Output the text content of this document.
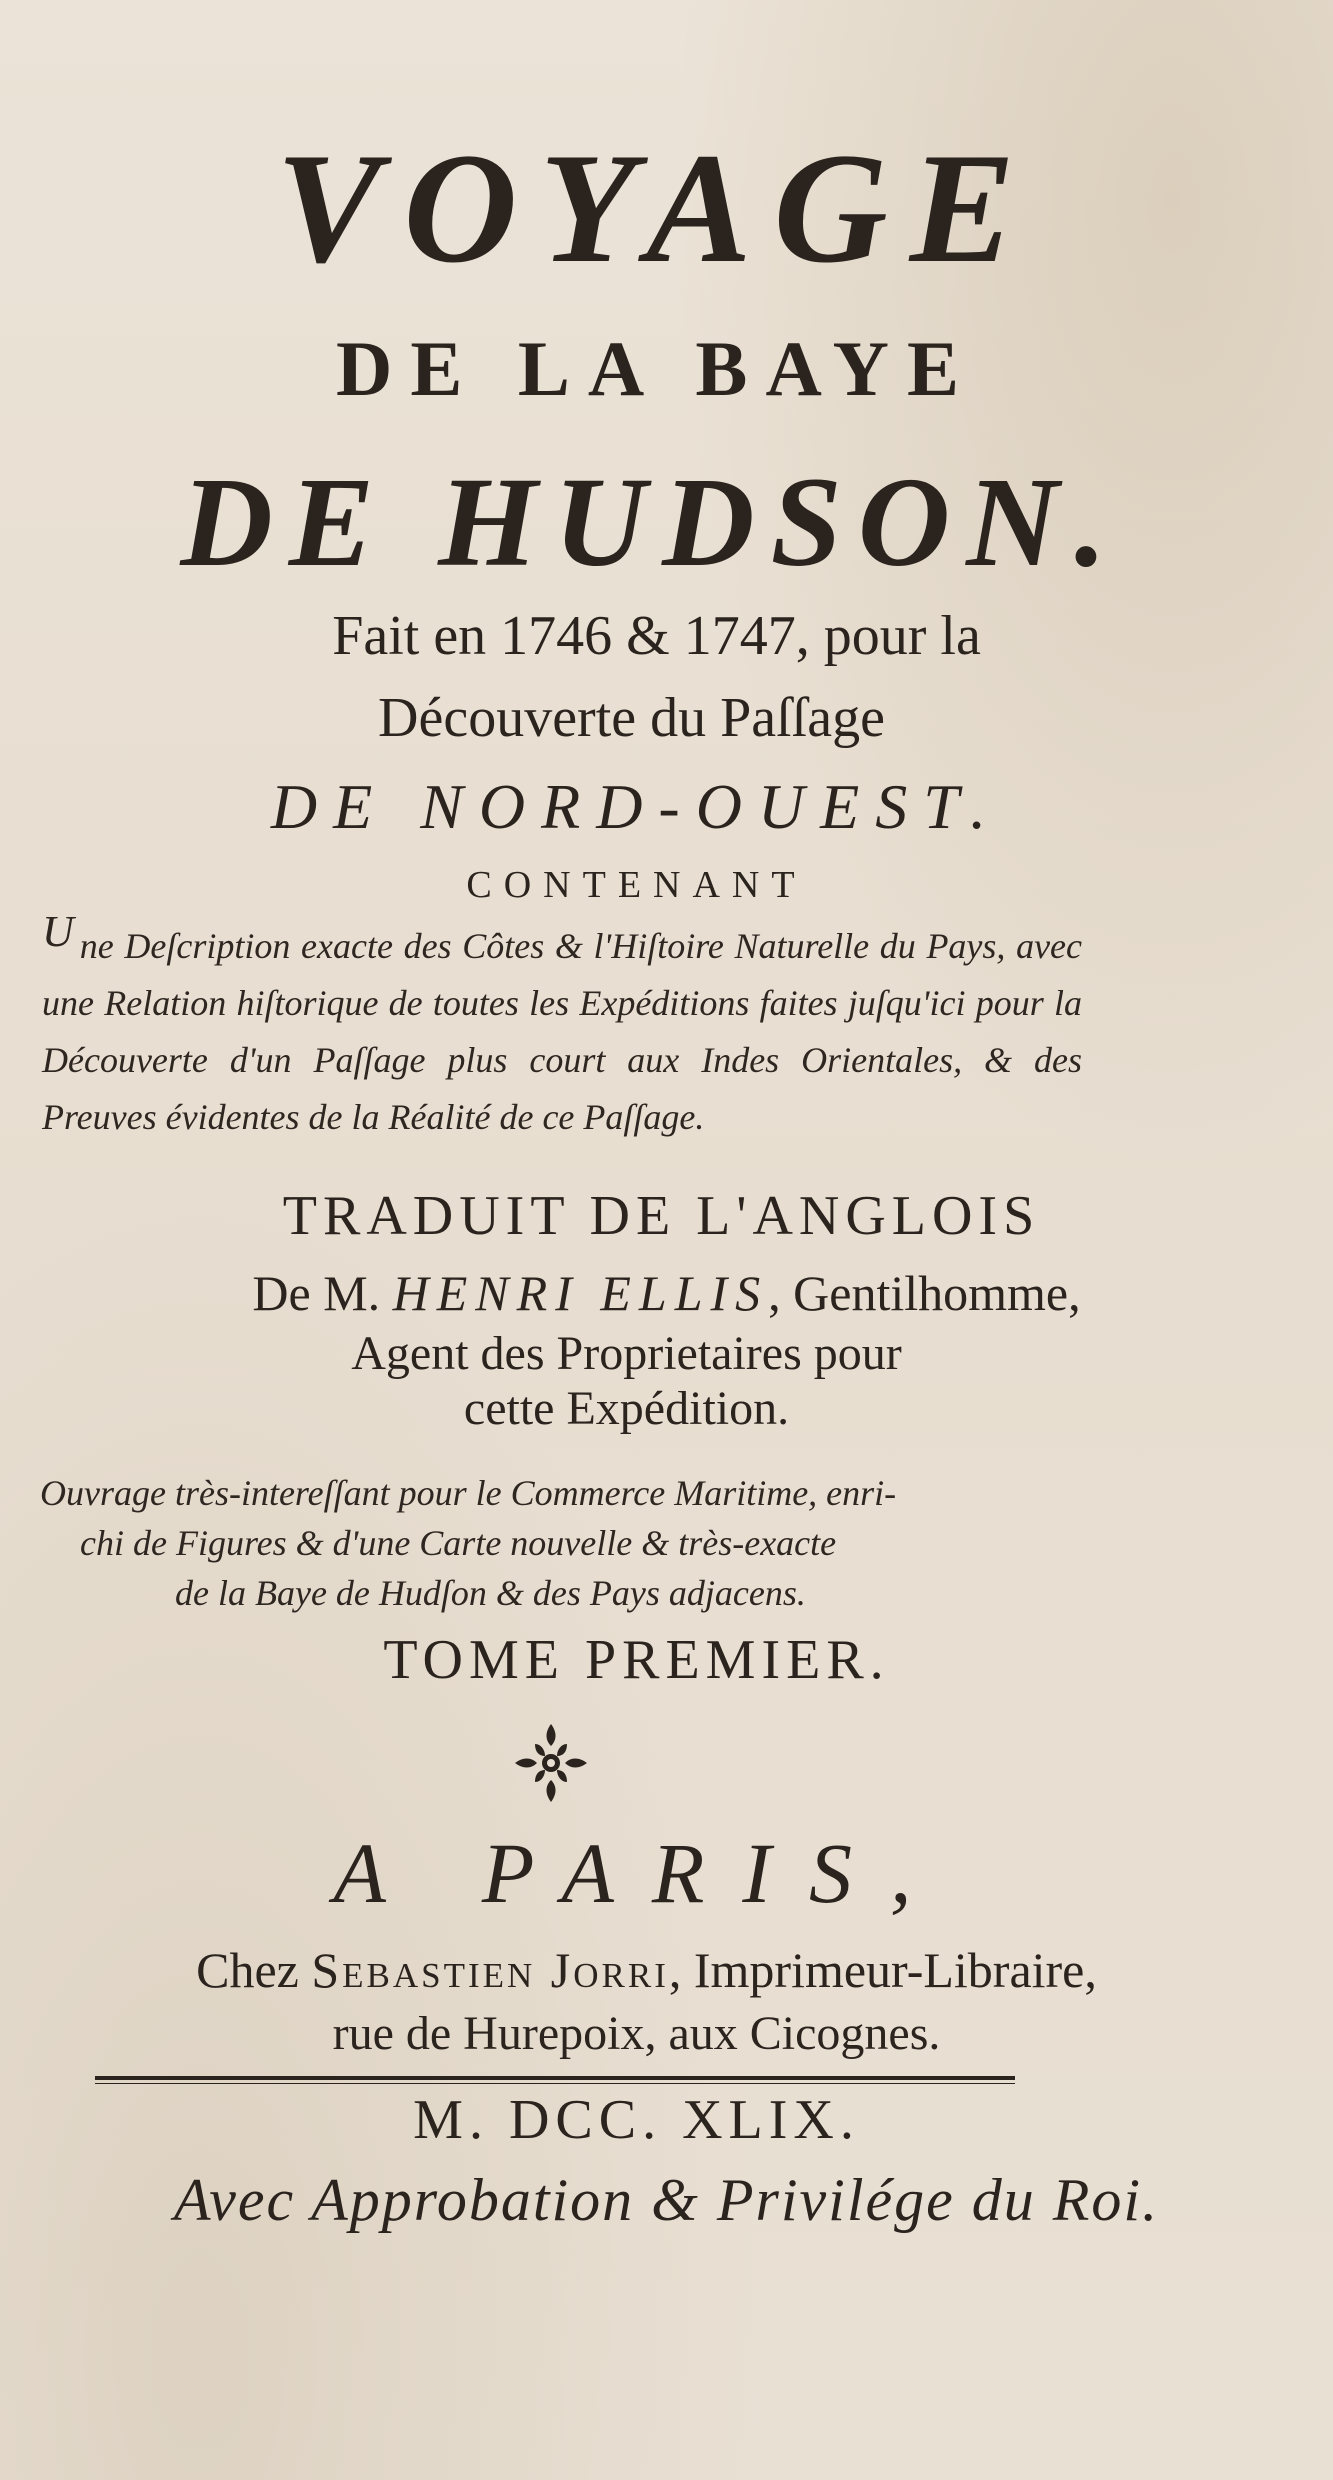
VOYAGE
DE LA BAYE
DE HUDSON.
Fait en 1746 & 1747, pour la
Découverte du Paſſage
DE NORD-OUEST.
CONTENANT
U ne Deſcription exacte des Côtes & l'Hiſtoire Naturelle du Pays, avec une Relation hiſtorique de toutes les Expéditions faites juſqu'ici pour la Découverte d'un Paſſage plus court aux Indes Orientales, & des Preuves évidentes de la Réalité de ce Paſſage.
TRADUIT DE L'ANGLOIS
De M. HENRI ELLIS, Gentilhomme,
Agent des Proprietaires pour
cette Expédition.
Ouvrage très-intereſſant pour le Commerce Maritime, enri-
chi de Figures & d'une Carte nouvelle & très-exacte
de la Baye de Hudſon & des Pays adjacens.
TOME PREMIER.
A PARIS,
Chez Sebastien Jorri, Imprimeur-Libraire,
rue de Hurepoix, aux Cicognes.
M. DCC. XLIX.
Avec Approbation & Privilége du Roi.
